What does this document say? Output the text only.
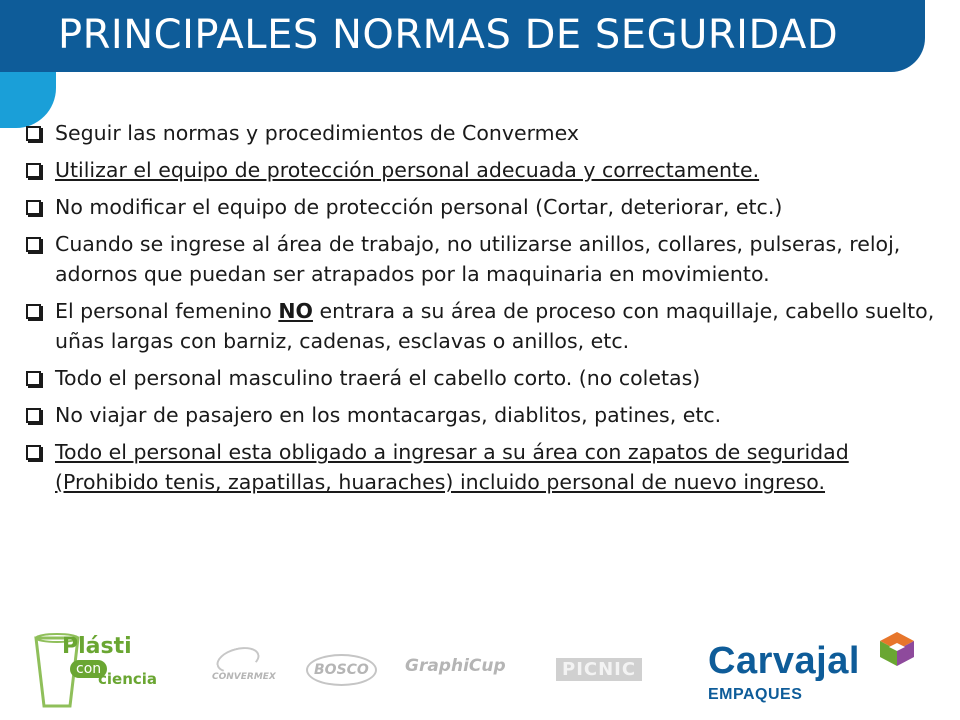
PRINCIPALES NORMAS DE SEGURIDAD
Seguir las normas y procedimientos de Convermex
Utilizar el equipo de protección personal adecuada y correctamente.
No modificar el equipo de protección personal (Cortar, deteriorar, etc.)
Cuando se ingrese al área de trabajo, no utilizarse anillos, collares, pulseras, reloj, adornos que puedan ser atrapados por la maquinaria en movimiento.
El personal femenino NO entrara a su área de proceso con maquillaje, cabello suelto, uñas largas con barniz, cadenas, esclavas o anillos, etc.
Todo el personal masculino traerá el cabello corto. (no coletas)
No viajar de pasajero en los montacargas, diablitos, patines, etc.
Todo el personal esta obligado a ingresar a su área con zapatos de seguridad (Prohibido tenis, zapatillas, huaraches) incluido personal de nuevo ingreso.
Plásti
con
ciencia	CONVERMEX	BOSCO	GraphiCup	PICNIC Carvajal
EMPAQUES
